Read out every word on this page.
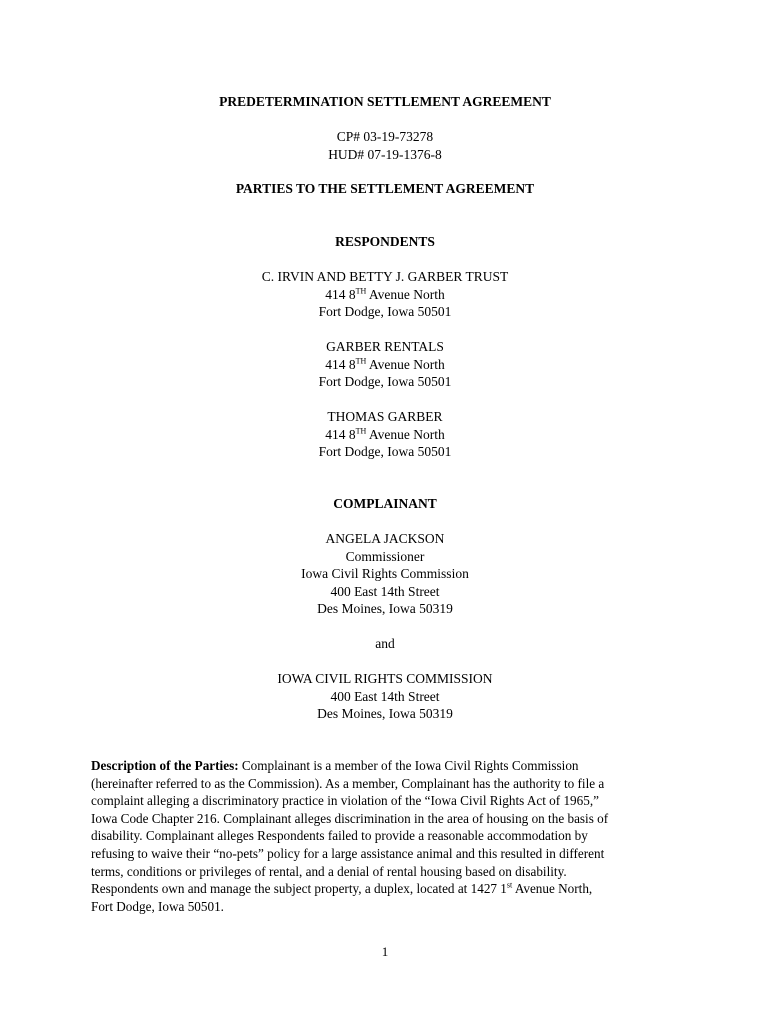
PREDETERMINATION SETTLEMENT AGREEMENT
CP# 03-19-73278
HUD# 07-19-1376-8
PARTIES TO THE SETTLEMENT AGREEMENT
RESPONDENTS
C. IRVIN AND BETTY J. GARBER TRUST
414 8TH Avenue North
Fort Dodge, Iowa 50501
GARBER RENTALS
414 8TH Avenue North
Fort Dodge, Iowa 50501
THOMAS GARBER
414 8TH Avenue North
Fort Dodge, Iowa 50501
COMPLAINANT
ANGELA JACKSON
Commissioner
Iowa Civil Rights Commission
400 East 14th Street
Des Moines, Iowa 50319
and
IOWA CIVIL RIGHTS COMMISSION
400 East 14th Street
Des Moines, Iowa 50319
Description of the Parties: Complainant is a member of the Iowa Civil Rights Commission
(hereinafter referred to as the Commission). As a member, Complainant has the authority to file a
complaint alleging a discriminatory practice in violation of the “Iowa Civil Rights Act of 1965,”
Iowa Code Chapter 216. Complainant alleges discrimination in the area of housing on the basis of
disability. Complainant alleges Respondents failed to provide a reasonable accommodation by
refusing to waive their “no-pets” policy for a large assistance animal and this resulted in different
terms, conditions or privileges of rental, and a denial of rental housing based on disability.
Respondents own and manage the subject property, a duplex, located at 1427 1st Avenue North,
Fort Dodge, Iowa 50501.
1
